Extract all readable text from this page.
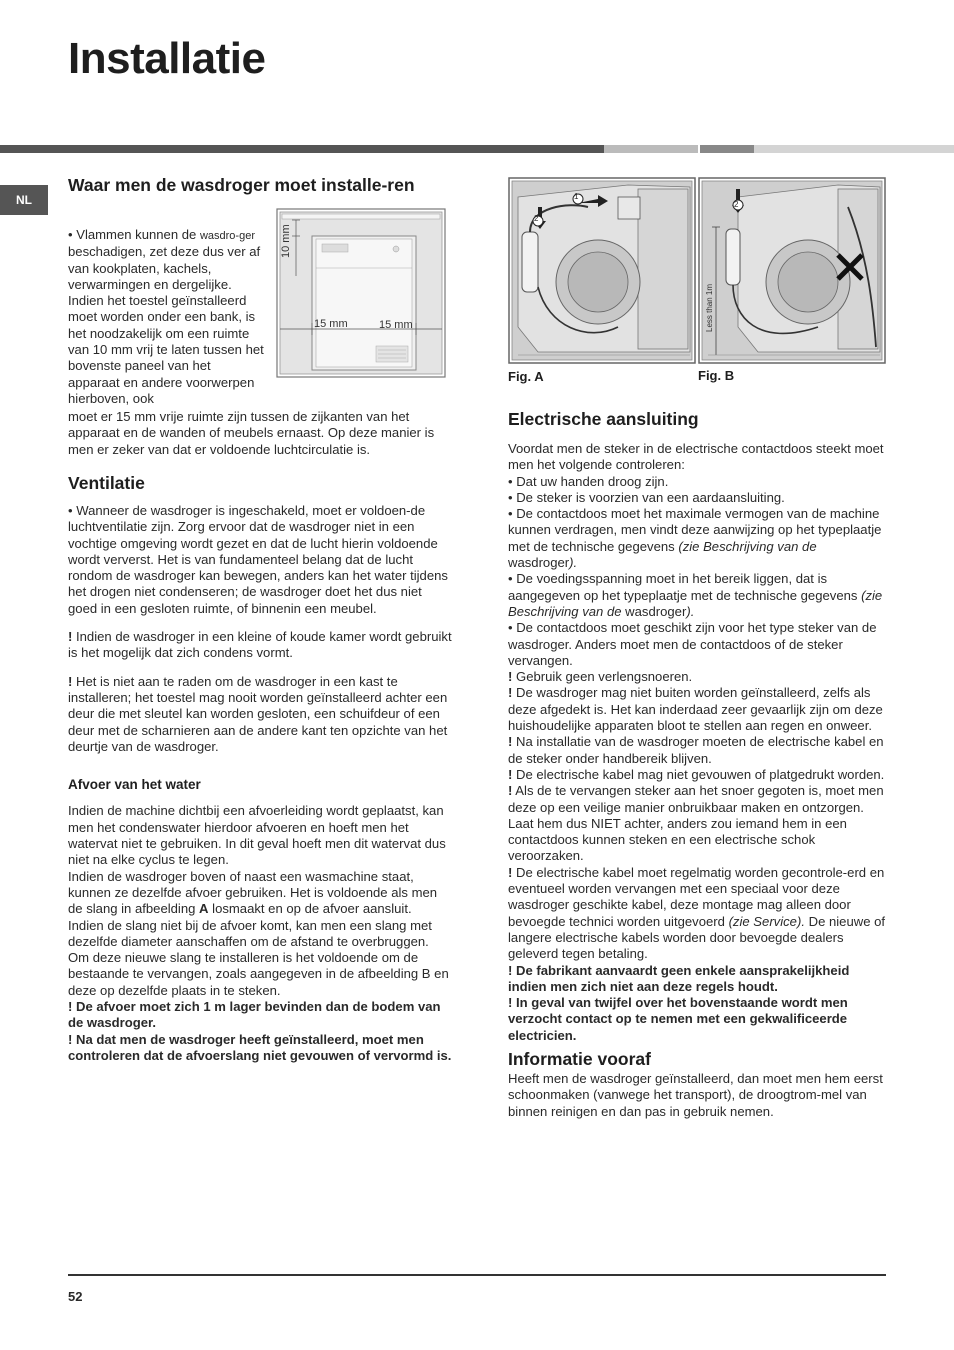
Installatie
NL
Waar men de wasdroger moet installe-ren
10 mm
15 mm	15 mm

• Vlammen kunnen de wasdro-ger beschadigen, zet deze dus ver af van kookplaten, kachels, verwarmingen en dergelijke. Indien het toestel geïnstalleerd moet worden onder een bank, is het noodzakelijk om een ruimte van 10 mm vrij te laten tussen het bovenste paneel van het apparaat en andere voorwerpen hierboven, ook

moet er 15 mm vrije ruimte zijn tussen de zijkanten van het apparaat en de wanden of meubels ernaast. Op deze manier is men er zeker van dat er voldoende luchtcirculatie is.

Ventilatie

• Wanneer de wasdroger is ingeschakeld, moet er voldoen-de luchtventilatie zijn. Zorg ervoor dat de wasdroger niet in een vochtige omgeving wordt gezet en dat de lucht hierin voldoende wordt ververst. Het is van fundamenteel belang dat de lucht rondom de wasdroger kan bewegen, anders kan het water tijdens het drogen niet condenseren; de wasdroger doet het dus niet goed in een gesloten ruimte, of binnenin een meubel.

! Indien de wasdroger in een kleine of koude kamer wordt gebruikt is het mogelijk dat zich condens vormt.

! Het is niet aan te raden om de wasdroger in een kast te installeren; het toestel mag nooit worden geïnstalleerd achter een deur die met sleutel kan worden gesloten, een schuifdeur of een deur met de scharnieren aan de andere kant ten opzichte van het deurtje van de wasdroger.

Afvoer van het water

Indien de machine dichtbij een afvoerleiding wordt geplaatst, kan men het condenswater hierdoor afvoeren en hoeft men het watervat niet te gebruiken. In dit geval hoeft men dit watervat dus niet na elke cyclus te legen.

Indien de wasdroger boven of naast een wasmachine staat, kunnen ze dezelfde afvoer gebruiken. Het is voldoende als men de slang in afbeelding A losmaakt en op de afvoer aansluit.

Indien de slang niet bij de afvoer komt, kan men een slang met dezelfde diameter aanschaffen om de afstand te overbruggen.

Om deze nieuwe slang te installeren is het voldoende om de bestaande te vervangen, zoals aangegeven in de afbeelding B en deze op dezelfde plaats in te steken.

! De afvoer moet zich 1 m lager bevinden dan de bodem van de wasdroger.

! Na dat men de wasdroger heeft geïnstalleerd, moet men controleren dat de afvoerslang niet gevouwen of vervormd is.

1
2
2
Less than 1m
Fig. A	Fig. B
Electrische aansluiting

Voordat men de steker in de electrische contactdoos steekt moet men het volgende controleren:

• Dat uw handen droog zijn.

• De steker is voorzien van een aardaansluiting.

• De contactdoos moet het maximale vermogen van de machine kunnen verdragen, men vindt deze aanwijzing op het typeplaatje met de technische gegevens (zie Beschrijving van de wasdroger).

• De voedingsspanning moet in het bereik liggen, dat is aangegeven op het typeplaatje met de technische gegevens (zie Beschrijving van de wasdroger).

• De contactdoos moet geschikt zijn voor het type steker van de wasdroger. Anders moet men de contactdoos of de steker vervangen.

! Gebruik geen verlengsnoeren.

! De wasdroger mag niet buiten worden geïnstalleerd, zelfs als deze afgedekt is. Het kan inderdaad zeer gevaarlijk zijn om deze huishoudelijke apparaten bloot te stellen aan regen en onweer.

! Na installatie van de wasdroger moeten de electrische kabel en de steker onder handbereik blijven.

! De electrische kabel mag niet gevouwen of platgedrukt worden.

! Als de te vervangen steker aan het snoer gegoten is, moet men deze op een veilige manier onbruikbaar maken en ontzorgen. Laat hem dus NIET achter, anders zou iemand hem in een contactdoos kunnen steken en een electrische schok veroorzaken.

! De electrische kabel moet regelmatig worden gecontrole-erd en eventueel worden vervangen met een speciaal voor deze wasdroger geschikte kabel, deze montage mag alleen door bevoegde technici worden uitgevoerd (zie Service). De nieuwe of langere electrische kabels worden door bevoegde dealers geleverd tegen betaling.

! De fabrikant aanvaardt geen enkele aansprakelijkheid indien men zich niet aan deze regels houdt.

! In geval van twijfel over het bovenstaande wordt men verzocht contact op te nemen met een gekwalificeerde electricien.

Informatie vooraf

Heeft men de wasdroger geïnstalleerd, dan moet men hem eerst schoonmaken (vanwege het transport), de droogtrom-mel van binnen reinigen en dan pas in gebruik nemen.

52
